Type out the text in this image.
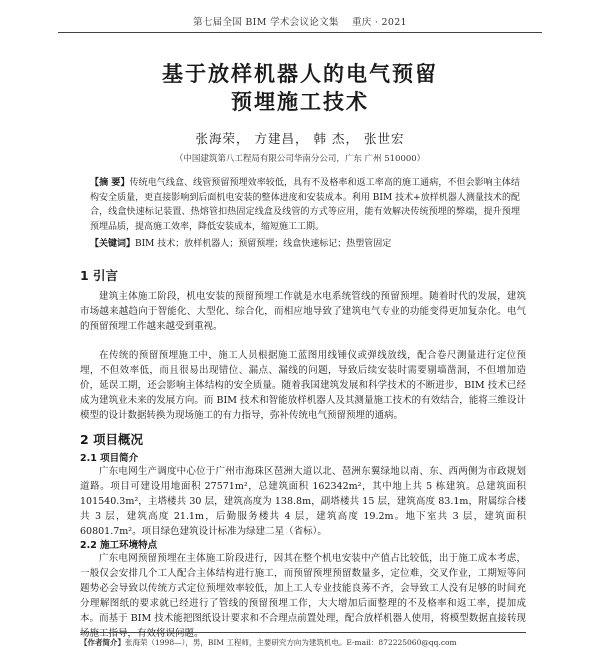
第七届全国 BIM 学术会议论文集    重庆 · 2021
基于放样机器人的电气预留
预埋施工技术
张海荣， 方建昌， 韩 杰， 张世宏
（中国建筑第八工程局有限公司华南分公司，广东 广州 510000）
【摘 要】传统电气线盒、线管预留预埋效率较低，具有不及格率和返工率高的施工通病，不但会影响主体结构安全质量，更直接影响到后面机电安装的整体进度和安装成本。利用 BIM 技术+放样机器人测量技术的配合，线盒快速标记装置、热熔管扣热固定线盒及线管的方式等应用，能有效解决传统预埋的弊端，提升预埋预埋品质，提高施工效率，降低安装成本，缩短施工工期。
【关键词】BIM 技术；放样机器人；预留预埋；线盒快速标记；热塑管固定
1 引言
建筑主体施工阶段，机电安装的预留预埋工作就是水电系统管线的预留预埋。随着时代的发展，建筑市场越来越趋向于智能化、大型化、综合化，而相应地导致了建筑电气专业的功能变得更加复杂化。电气的预留预埋工作越来越受到重视。
在传统的预留预埋施工中，施工人员根据施工蓝图用线锤仪或弹线放线，配合卷尺测量进行定位预埋，不但效率低，而且很易出现错位、漏点、漏线的问题，导致后续安装时需要剔墙凿洞，不但增加造价，延误工期，还会影响主体结构的安全质量。随着我国建筑发展和科学技术的不断进步，BIM 技术已经成为建筑业未来的发展方向。而 BIM 技术和智能放样机器人及其测量施工技术的有效结合，能将三维设计模型的设计数据转换为现场施工的有力指导，弥补传统电气预留预埋的通病。
2 项目概况
2.1 项目简介
广东电网生产调度中心位于广州市海珠区琶洲大道以北、琶洲东翼绿地以南、东、西两侧为市政规划道路。项目可建设用地面积 27571m²，总建筑面积 162342m²，其中地上共 5 栋建筑。总建筑面积 101540.3m²，主塔楼共 30 层，建筑高度为 138.8m，副塔楼共 15 层，建筑高度 83.1m，附属综合楼共 3 层，建筑高度 21.1m，后勤服务楼共 4 层，建筑高度 19.2m。地下室共 3 层，建筑面积 60801.7m²。项目绿色建筑设计标准为绿建二星（省标）。
2.2 施工环境特点
广东电网预留预埋在主体施工阶段进行，因其在整个机电安装中产值占比较低，出于施工成本考虑，一般仅会安排几个工人配合主体结构进行施工，而预留预埋预留数量多，定位难，交叉作业，工期短等问题势必会导致以传统方式定位预埋效率较低，加上工人专业技能良莠不齐，会导致工人没有足够的时间充分理解图纸的要求就已经进行了管线的预留预埋工作，大大增加后面整理的不及格率和返工率，提加成本。而基于 BIM 技术能把图纸设计要求和不合理点前置处理，配合放样机器人使用，将模型数据直接转现场施工指导，有效将误问题。
【作者简介】张海荣（1998—），男，BIM 工程师，主要研究方向为建筑机电。E-mail：872225060@qq.com
